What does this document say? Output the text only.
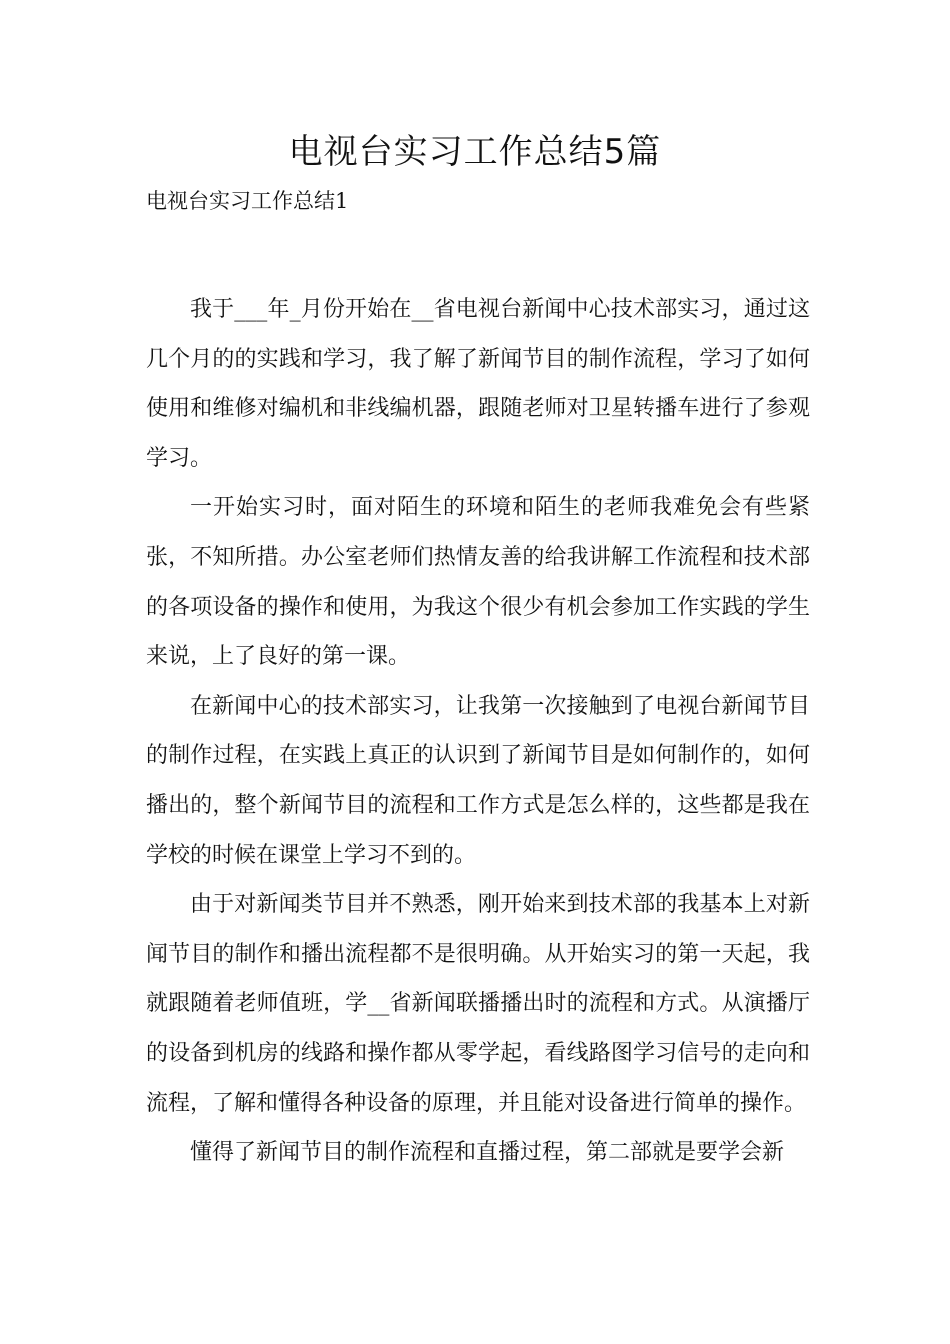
电视台实习工作总结5篇

电视台实习工作总结1

我于___年_月份开始在__省电视台新闻中心技术部实习，通过这几个月的的实践和学习，我了解了新闻节目的制作流程，学习了如何使用和维修对编机和非线编机器，跟随老师对卫星转播车进行了参观学习。

一开始实习时，面对陌生的环境和陌生的老师我难免会有些紧张，不知所措。办公室老师们热情友善的给我讲解工作流程和技术部的各项设备的操作和使用，为我这个很少有机会参加工作实践的学生来说，上了良好的第一课。

在新闻中心的技术部实习，让我第一次接触到了电视台新闻节目的制作过程，在实践上真正的认识到了新闻节目是如何制作的，如何播出的，整个新闻节目的流程和工作方式是怎么样的，这些都是我在学校的时候在课堂上学习不到的。

由于对新闻类节目并不熟悉，刚开始来到技术部的我基本上对新闻节目的制作和播出流程都不是很明确。从开始实习的第一天起，我就跟随着老师值班，学__省新闻联播播出时的流程和方式。从演播厅的设备到机房的线路和操作都从零学起，看线路图学习信号的走向和流程，了解和懂得各种设备的原理，并且能对设备进行简单的操作。

懂得了新闻节目的制作流程和直播过程，第二部就是要学会新
